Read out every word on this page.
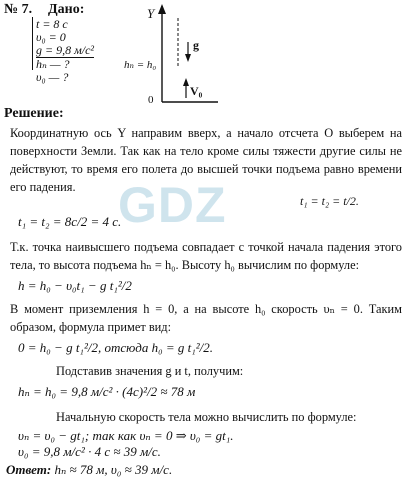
№ 7. Дано:
t = 8 с
υ₀ = 0
g = 9,8 м/с²
hₙ — ?
υ₀ — ?
Y
0
hₙ = h₀
g
V₀
GDZ
Решение:
Координатную ось Y направим вверх, а начало отсчета О выберем на поверхности Земли. Так как на тело кроме силы тяжести другие силы не действуют, то время его полета до высшей точки подъема равно времени его падения.
t₁ = t₂ = t/2.
t₁ = t₂ = 8с/2 = 4 с.
Т.к. точка наивысшего подъема совпадает с точкой начала падения этого тела, то высота подъема hₙ = h₀. Высоту h₀ вычислим по формуле:
h = h₀ − υ₀t₁ − g t₁²/2
В момент приземления h = 0, а на высоте h₀ скорость υₙ = 0. Таким образом, формула примет вид:
0 = h₀ − g t₁²/2, отсюда h₀ = g t₁²/2.
Подставив значения g и t, получим:
hₙ = h₀ = 9,8 м/с² · (4с)²/2 ≈ 78 м
Начальную скорость тела можно вычислить по формуле:
υₙ = υ₀ − gt₁; так как υₙ = 0 ⇒ υ₀ = gt₁.
υ₀ = 9,8 м/с² · 4 с ≈ 39 м/с.
Ответ: hₙ ≈ 78 м, υ₀ ≈ 39 м/с.
